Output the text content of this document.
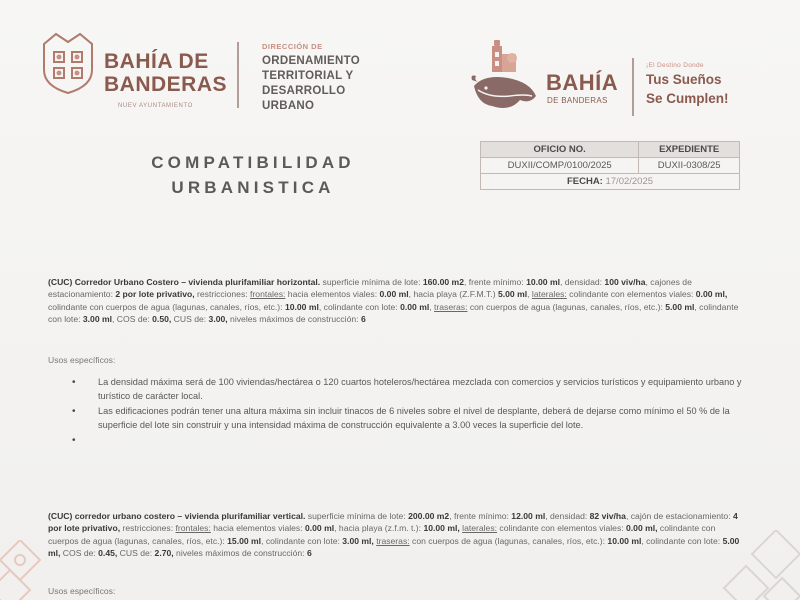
BAHÍA DE
BANDERAS
NUEV AYUNTAMIENTO
DIRECCIÓN DE
ORDENAMIENTO
TERRITORIAL Y
DESARROLLO
URBANO
BAHÍA
DE BANDERAS
¡El Destino Donde
Tus Sueños
Se Cumplen!
COMPATIBILIDAD
URBANISTICA
OFICIO NO.	EXPEDIENTE
DUXII/COMP/0100/2025	DUXII-0308/25
FECHA: 17/02/2025	
(CUC) Corredor Urbano Costero – vivienda plurifamiliar horizontal. superficie mínima de lote: 160.00 m2, frente mínimo: 10.00 ml, densidad: 100 viv/ha, cajones de estacionamiento: 2 por lote privativo, restricciones: frontales: hacia elementos viales: 0.00 ml, hacia playa (Z.F.M.T.) 5.00 ml, laterales: colindante con elementos viales: 0.00 ml, colindante con cuerpos de agua (lagunas, canales, ríos, etc.): 10.00 ml, colindante con lote: 0.00 ml, traseras: con cuerpos de agua (lagunas, canales, ríos, etc.): 5.00 ml, colindante con lote: 3.00 ml, COS de: 0.50, CUS de: 3.00, niveles máximos de construcción: 6
Usos específicos:
• La densidad máxima será de 100 viviendas/hectárea o 120 cuartos hoteleros/hectárea mezclada con comercios y servicios turísticos y equipamiento urbano y turístico de carácter local.
• Las edificaciones podrán tener una altura máxima sin incluir tinacos de 6 niveles sobre el nivel de desplante, deberá de dejarse como mínimo el 50 % de la superficie del lote sin construir y una intensidad máxima de construcción equivalente a 3.00 veces la superficie del lote.
•
(CUC) corredor urbano costero – vivienda plurifamiliar vertical. superficie mínima de lote: 200.00 m2, frente mínimo: 12.00 ml, densidad: 82 viv/ha, cajón de estacionamiento: 4 por lote privativo, restricciones: frontales: hacia elementos viales: 0.00 ml, hacia playa (z.f.m. t.): 10.00 ml, laterales: colindante con elementos viales: 0.00 ml, colindante con cuerpos de agua (lagunas, canales, ríos, etc.): 15.00 ml, colindante con lote: 3.00 ml, traseras: con cuerpos de agua (lagunas, canales, ríos, etc.): 10.00 ml, colindante con lote: 5.00 ml, COS de: 0.45, CUS de: 2.70, niveles máximos de construcción: 6
Usos específicos:
